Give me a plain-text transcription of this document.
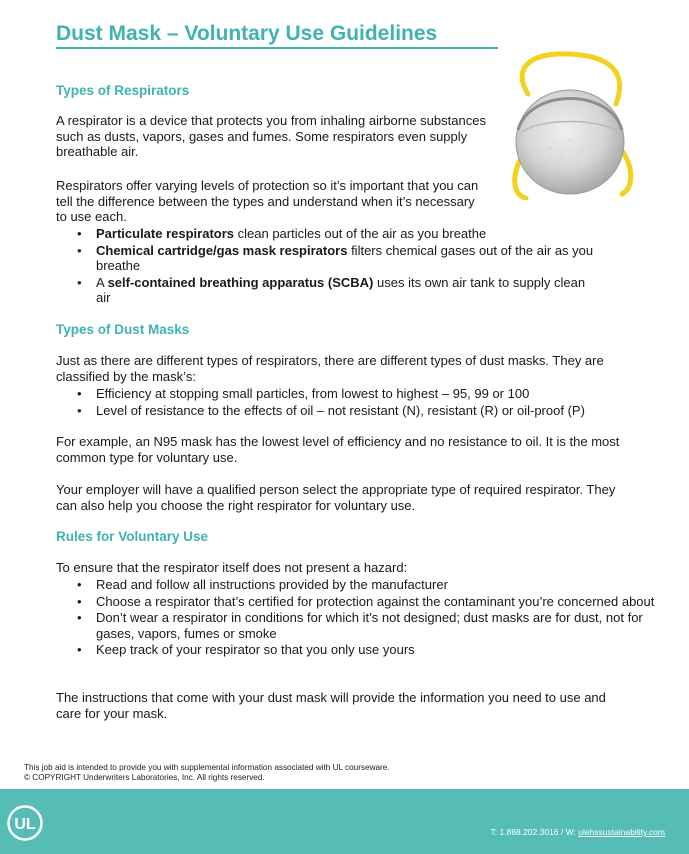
Dust Mask – Voluntary Use Guidelines
Types of Respirators

A respirator is a device that protects you from inhaling airborne substances such as dusts, vapors, gases and fumes. Some respirators even supply breathable air.

Respirators offer varying levels of protection so it’s important that you can tell the difference between the types and understand when it’s necessary to use each.

• Particulate respirators clean particles out of the air as you breathe
• Chemical cartridge/gas mask respirators filters chemical gases out of the air as you breathe
• A self-contained breathing apparatus (SCBA) uses its own air tank to supply clean air
Types of Dust Masks

Just as there are different types of respirators, there are different types of dust masks. They are classified by the mask’s:

• Efficiency at stopping small particles, from lowest to highest – 95, 99 or 100
• Level of resistance to the effects of oil – not resistant (N), resistant (R) or oil-proof (P)

For example, an N95 mask has the lowest level of efficiency and no resistance to oil. It is the most common type for voluntary use.

Your employer will have a qualified person select the appropriate type of required respirator. They can also help you choose the right respirator for voluntary use.

Rules for Voluntary Use

To ensure that the respirator itself does not present a hazard:

• Read and follow all instructions provided by the manufacturer
• Choose a respirator that’s certified for protection against the contaminant you’re concerned about
• Don’t wear a respirator in conditions for which it’s not designed; dust masks are for dust, not for gases, vapors, fumes or smoke
• Keep track of your respirator so that you only use yours

The instructions that come with your dust mask will provide the information you need to use and care for your mask.

This job aid is intended to provide you with supplemental information associated with UL courseware.
© COPYRIGHT Underwriters Laboratories, Inc. All rights reserved.
UL	T: 1.888.202.3016 / W: ulehssustainability.com
